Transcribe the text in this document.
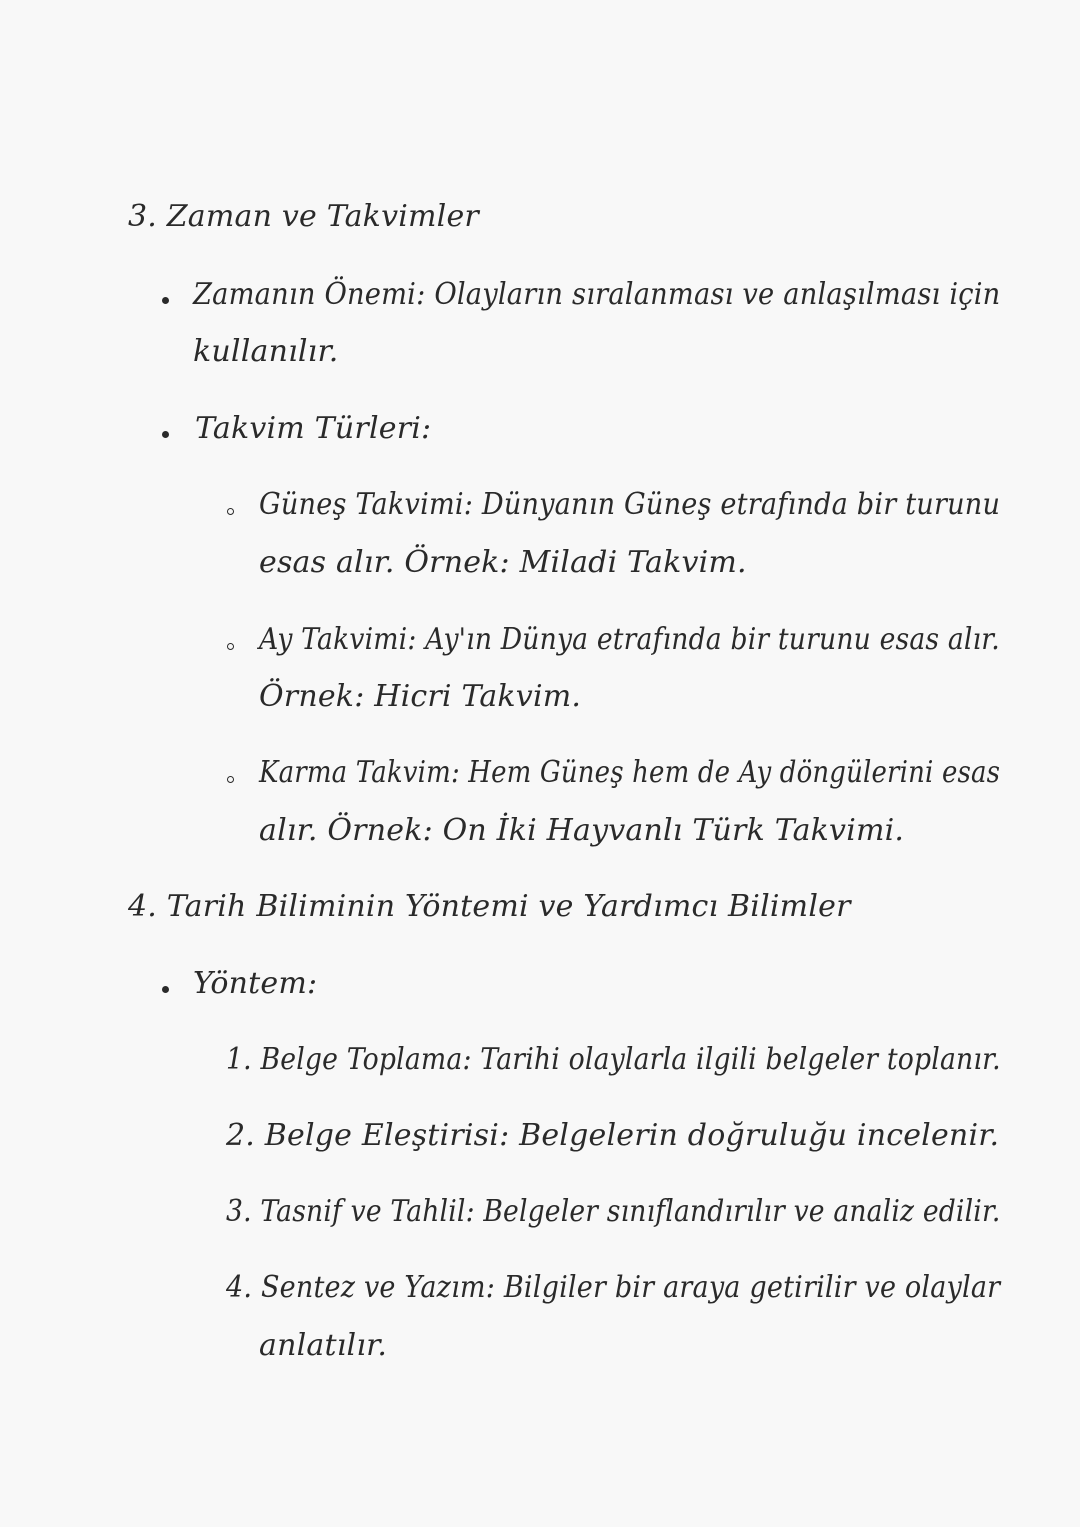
3. Zaman ve Takvimler

Zamanın Önemi: Olayların sıralanması ve anlaşılması için

kullanılır.

Takvim Türleri:

Güneş Takvimi: Dünyanın Güneş etrafında bir turunu

esas alır. Örnek: Miladi Takvim.

Ay Takvimi: Ay'ın Dünya etrafında bir turunu esas alır.

Örnek: Hicri Takvim.

Karma Takvim: Hem Güneş hem de Ay döngülerini esas

alır. Örnek: On İki Hayvanlı Türk Takvimi.

4. Tarih Biliminin Yöntemi ve Yardımcı Bilimler

Yöntem:

1. Belge Toplama: Tarihi olaylarla ilgili belgeler toplanır.

2. Belge Eleştirisi: Belgelerin doğruluğu incelenir.

3. Tasnif ve Tahlil: Belgeler sınıflandırılır ve analiz edilir.

4. Sentez ve Yazım: Bilgiler bir araya getirilir ve olaylar

anlatılır.
